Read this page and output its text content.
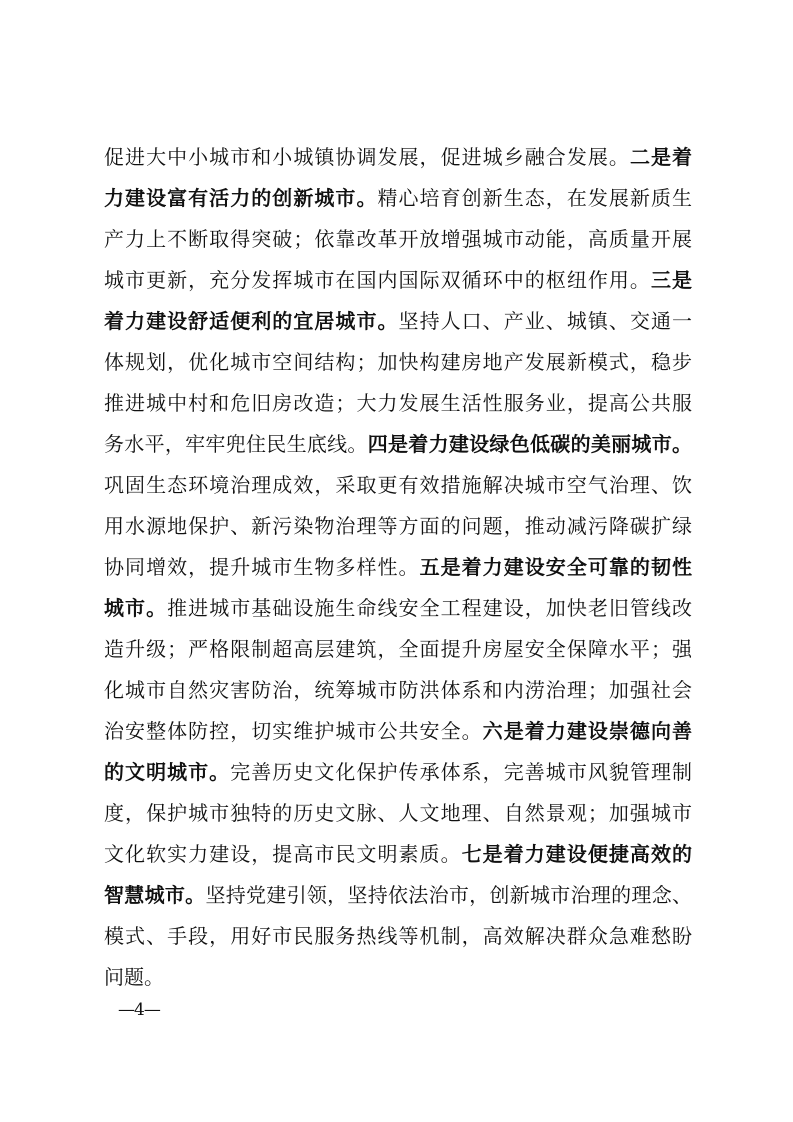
促进大中小城市和小城镇协调发展，促进城乡融合发展。二是着
力建设富有活力的创新城市。精心培育创新生态，在发展新质生
产力上不断取得突破；依靠改革开放增强城市动能，高质量开展
城市更新，充分发挥城市在国内国际双循环中的枢纽作用。三是
着力建设舒适便利的宜居城市。坚持人口、产业、城镇、交通一
体规划，优化城市空间结构；加快构建房地产发展新模式，稳步
推进城中村和危旧房改造；大力发展生活性服务业，提高公共服
务水平，牢牢兜住民生底线。四是着力建设绿色低碳的美丽城市。
巩固生态环境治理成效，采取更有效措施解决城市空气治理、饮
用水源地保护、新污染物治理等方面的问题，推动减污降碳扩绿
协同增效，提升城市生物多样性。五是着力建设安全可靠的韧性
城市。推进城市基础设施生命线安全工程建设，加快老旧管线改
造升级；严格限制超高层建筑，全面提升房屋安全保障水平；强
化城市自然灾害防治，统筹城市防洪体系和内涝治理；加强社会
治安整体防控，切实维护城市公共安全。六是着力建设崇德向善
的文明城市。完善历史文化保护传承体系，完善城市风貌管理制
度，保护城市独特的历史文脉、人文地理、自然景观；加强城市
文化软实力建设，提高市民文明素质。七是着力建设便捷高效的
智慧城市。坚持党建引领，坚持依法治市，创新城市治理的理念、
模式、手段，用好市民服务热线等机制，高效解决群众急难愁盼
问题。
—4—
